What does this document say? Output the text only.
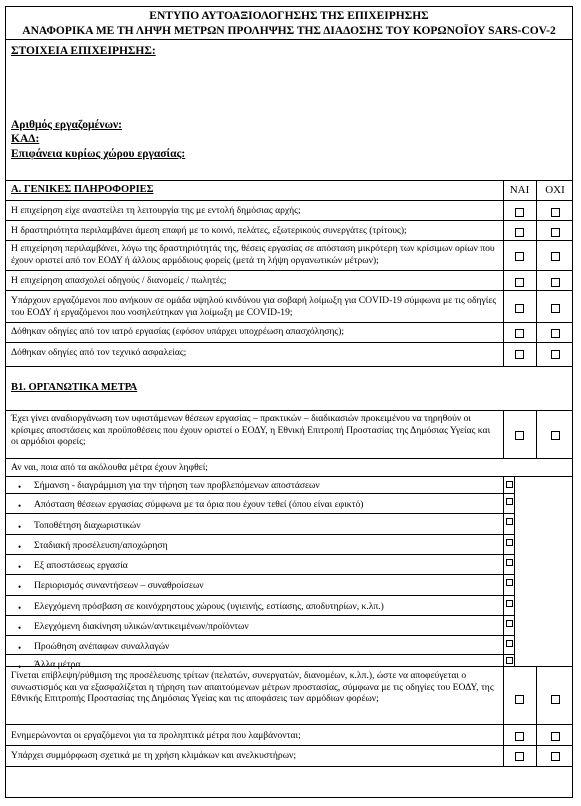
ΕΝΤΥΠΟ ΑΥΤΟΑΞΙΟΛΟΓΗΣΗΣ ΤΗΣ ΕΠΙΧΕΙΡΗΣΗΣ
ΑΝΑΦΟΡΙΚΑ ΜΕ ΤΗ ΛΗΨΗ ΜΕΤΡΩΝ ΠΡΟΛΗΨΗΣ ΤΗΣ ΔΙΑΔΟΣΗΣ ΤΟΥ ΚΟΡΩΝΟΪΟΥ SARS-COV-2
ΣΤΟΙΧΕΙΑ ΕΠΙΧΕΙΡΗΣΗΣ:
Αριθμός εργαζομένων:
ΚΑΔ:
Επιφάνεια κυρίως χώρου εργασίας:
Α. ΓΕΝΙΚΕΣ ΠΛΗΡΟΦΟΡΙΕΣ	ΝΑΙ	ΟΧΙ
Η επιχείρηση είχε αναστείλει τη λειτουργία της με εντολή δημόσιας αρχής;
Η δραστηριότητα περιλαμβάνει άμεση επαφή με το κοινό, πελάτες, εξωτερικούς συνεργάτες (τρίτους);
Η επιχείρηση περιλαμβάνει, λόγω της δραστηριότητάς της, θέσεις εργασίας σε απόσταση μικρότερη των κρίσιμων ορίων που έχουν οριστεί από τον ΕΟΔΥ ή άλλους αρμόδιους φορείς (μετά τη λήψη οργανωτικών μέτρων);
Η επιχείρηση απασχολεί οδηγούς / διανομείς / πωλητές;
Υπάρχουν εργαζόμενοι που ανήκουν σε ομάδα υψηλού κινδύνου για σοβαρή λοίμωξη για COVID-19 σύμφωνα με τις οδηγίες του ΕΟΔΥ ή εργαζόμενοι που νοσηλεύτηκαν για λοίμωξη με COVID-19;
Δόθηκαν οδηγίες από τον ιατρό εργασίας (εφόσον υπάρχει υποχρέωση απασχόλησης);
Δόθηκαν οδηγίες από τον τεχνικό ασφαλείας;
Β1. ΟΡΓΑΝΩΤΙΚΑ ΜΕΤΡΑ
Έχει γίνει αναδιοργάνωση των υφιστάμενων θέσεων εργασίας – πρακτικών – διαδικασιών προκειμένου να τηρηθούν οι κρίσιμες αποστάσεις και προϋποθέσεις που έχουν οριστεί ο ΕΟΔΥ, η Εθνική Επιτροπή Προστασίας της Δημόσιας Υγείας και οι αρμόδιοι φορείς;
Αν ναι, ποια από τα ακόλουθα μέτρα έχουν ληφθεί;
• Σήμανση - διαγράμμιση για την τήρηση των προβλεπόμενων αποστάσεων
• Απόσταση θέσεων εργασίας σύμφωνα με τα όρια που έχουν τεθεί (όπου είναι εφικτό)
• Τοποθέτηση διαχωριστικών
• Σταδιακή προσέλευση/αποχώρηση
• Εξ αποστάσεως εργασία
• Περιορισμός συναντήσεων – συναθροίσεων
• Ελεγχόμενη πρόσβαση σε κοινόχρηστους χώρους (υγιεινής, εστίασης, αποδυτηρίων, κ.λπ.)
• Ελεγχόμενη διακίνηση υλικών/αντικειμένων/προϊόντων
• Προώθηση ανέπαφων συναλλαγών
• Άλλα μέτρα
Γίνεται επίβλεψη/ρύθμιση της προσέλευσης τρίτων (πελατών, συνεργατών, διανομέων, κ.λπ.), ώστε να αποφεύγεται ο συνωστισμός και να εξασφαλίζεται η τήρηση των απαιτούμενων μέτρων προστασίας, σύμφωνα με τις οδηγίες του ΕΟΔΥ, της Εθνικής Επιτροπής Προστασίας της Δημόσιας Υγείας και τις αποφάσεις των αρμόδιων φορέων;
Ενημερώνονται οι εργαζόμενοι για τα προληπτικά μέτρα που λαμβάνονται;
Υπάρχει συμμόρφωση σχετικά με τη χρήση κλιμάκων και ανελκυστήρων;
